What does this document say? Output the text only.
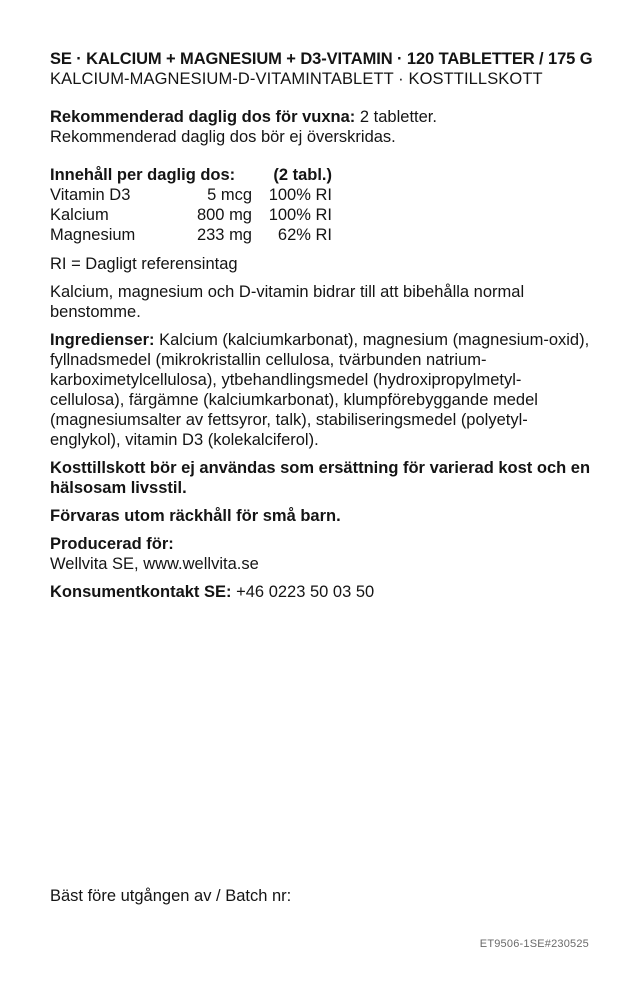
SE · KALCIUM + MAGNESIUM + D3-VITAMIN · 120 TABLETTER / 175 G

KALCIUM-MAGNESIUM-D-VITAMINTABLETT · KOSTTILLSKOTT

Rekommenderad daglig dos för vuxna: 2 tabletter.
Rekommenderad daglig dos bör ej överskridas.

Innehåll per daglig dos:		(2 tabl.)
Vitamin D3	5 mcg	100% RI
Kalcium	800 mg	100% RI
Magnesium	233 mg	62% RI

RI = Dagligt referensintag

Kalcium, magnesium och D-vitamin bidrar till att bibehålla normal benstomme.

Ingredienser: Kalcium (kalciumkarbonat), magnesium (magnesium-oxid), fyllnadsmedel (mikrokristallin cellulosa, tvärbunden natrium-karboximetylcellulosa), ytbehandlingsmedel (hydroxipropylmetyl-cellulosa), färgämne (kalciumkarbonat), klumpförebyggande medel (magnesiumsalter av fettsyror, talk), stabiliseringsmedel (polyetyl-englykol), vitamin D3 (kolekalciferol).

Kosttillskott bör ej användas som ersättning för varierad kost och en hälsosam livsstil.

Förvaras utom räckhåll för små barn.

Producerad för:
Wellvita SE, www.wellvita.se

Konsumentkontakt SE: +46 0223 50 03 50

Bäst före utgången av / Batch nr:

ET9506-1SE#230525
